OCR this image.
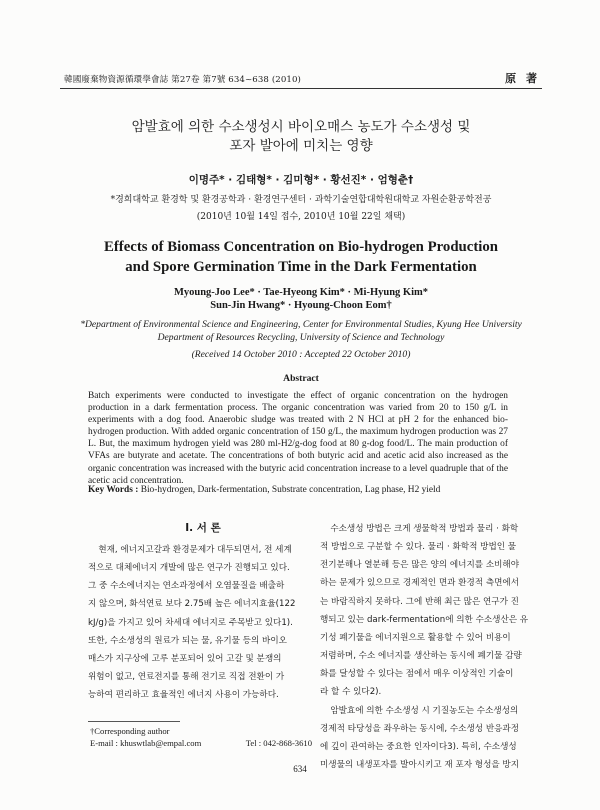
韓國廢棄物資源循環學會誌 第27卷 第7號 634~638 (2010)	原 著
암발효에 의한 수소생성시 바이오매스 농도가 수소생성 및
포자 발아에 미치는 영향
이명주* · 김태형* · 김미형* · 황선진* · 엄형춘†
*경희대학교 환경학 및 환경공학과 · 환경연구센터 · 과학기술연합대학원대학교 자원순환공학전공
(2010년 10월 14일 접수, 2010년 10월 22일 채택)
Effects of Biomass Concentration on Bio-hydrogen Production
and Spore Germination Time in the Dark Fermentation
Myoung-Joo Lee* · Tae-Hyeong Kim* · Mi-Hyung Kim*
Sun-Jin Hwang* · Hyoung-Choon Eom†
*Department of Environmental Science and Engineering, Center for Environmental Studies, Kyung Hee University
Department of Resources Recycling, University of Science and Technology
(Received 14 October 2010 : Accepted 22 October 2010)
Abstract
Batch experiments were conducted to investigate the effect of organic concentration on the hydrogen production in a dark fermentation process. The organic concentration was varied from 20 to 150 g/L in experiments with a dog food. Anaerobic sludge was treated with 2 N HCl at pH 2 for the enhanced bio-hydrogen production. With added organic concentration of 150 g/L, the maximum hydrogen production was 27 L. But, the maximum hydrogen yield was 280 ml-H2/g-dog food at 80 g-dog food/L. The main production of VFAs are butyrate and acetate. The concentrations of both butyric acid and acetic acid also increased as the organic concentration was increased with the butyric acid concentration increase to a level quadruple that of the acetic acid concentration.
Key Words : Bio-hydrogen, Dark-fermentation, Substrate concentration, Lag phase, H2 yield
I. 서 론
현재, 에너지고갈과 환경문제가 대두되면서, 전 세계
적으로 대체에너지 개발에 많은 연구가 진행되고 있다.
그 중 수소에너지는 연소과정에서 오염물질을 배출하
지 않으며, 화석연료 보다 2.75배 높은 에너지효율(122
kJ/g)을 가지고 있어 차세대 에너지로 주목받고 있다1).
또한, 수소생성의 원료가 되는 물, 유기물 등의 바이오
매스가 지구상에 고루 분포되어 있어 고갈 및 분쟁의
위험이 없고, 연료전지를 통해 전기로 직접 전환이 가
능하여 편리하고 효율적인 에너지 사용이 가능하다.
수소생성 방법은 크게 생물학적 방법과 물리 · 화학
적 방법으로 구분할 수 있다. 물리 · 화학적 방법인 물
전기분해나 열분해 등은 많은 양의 에너지를 소비해야
하는 문제가 있으므로 경제적인 면과 환경적 측면에서
는 바람직하지 못하다. 그에 반해 최근 많은 연구가 진
행되고 있는 dark-fermentation에 의한 수소생산은 유
기성 폐기물을 에너지원으로 활용할 수 있어 비용이
저렴하며, 수소 에너지를 생산하는 동시에 폐기물 감량
화를 달성할 수 있다는 점에서 매우 이상적인 기술이
라 할 수 있다2).
암발효에 의한 수소생성 시 기질농도는 수소생성의
경제적 타당성을 좌우하는 동시에, 수소생성 반응과정
에 깊이 관여하는 중요한 인자이다3). 특히, 수소생성
미생물의 내생포자를 발아시키고 재 포자 형성을 방지
†Corresponding author
E-mail : khuswtlab@empal.com	Tel : 042-868-3610
634
